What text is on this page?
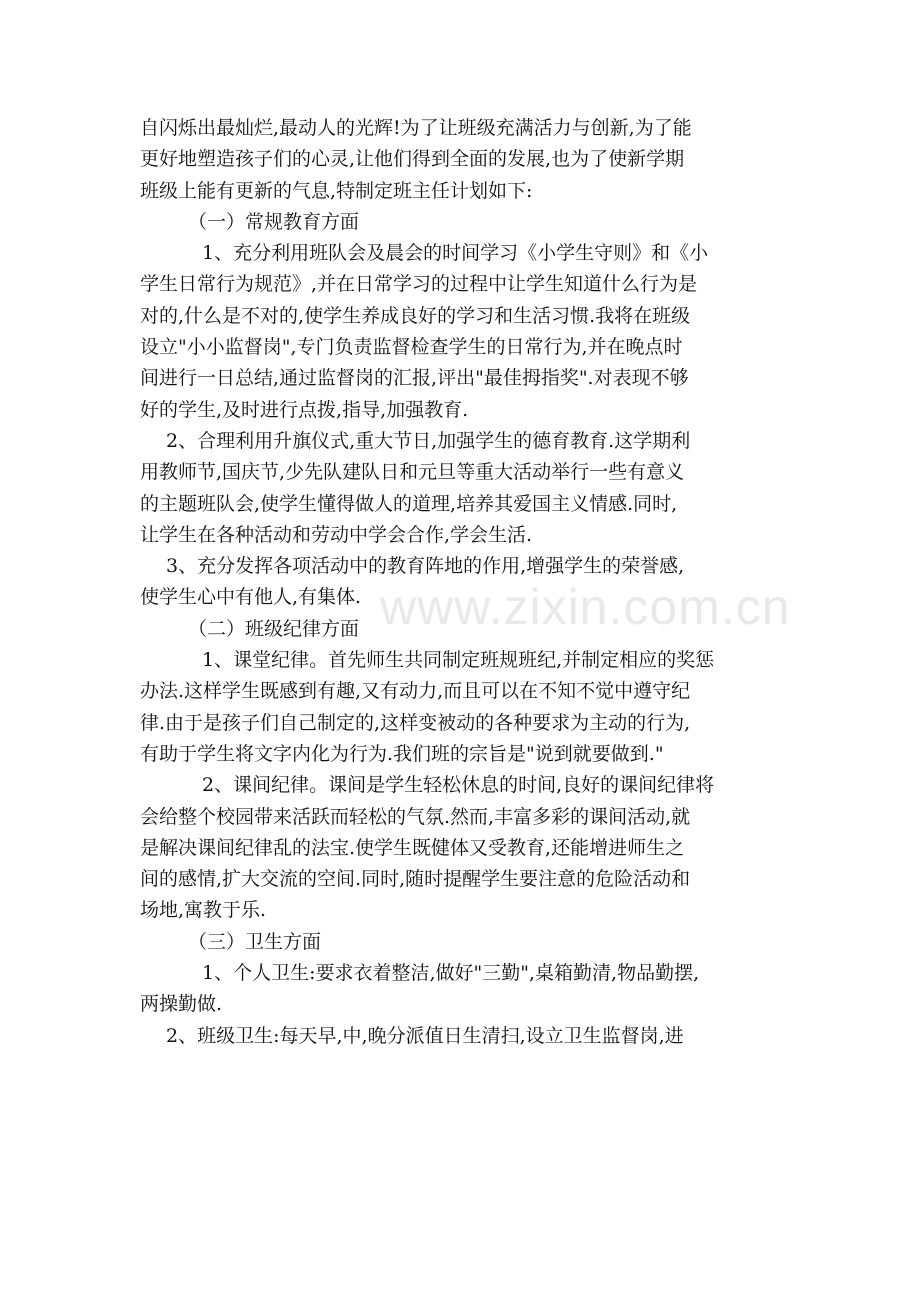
www.zixin.com.cn
自闪烁出最灿烂,最动人的光辉!为了让班级充满活力与创新,为了能
更好地塑造孩子们的心灵,让他们得到全面的发展,也为了使新学期
班级上能有更新的气息,特制定班主任计划如下:
（一）常规教育方面
1、充分利用班队会及晨会的时间学习《小学生守则》和《小
学生日常行为规范》,并在日常学习的过程中让学生知道什么行为是
对的,什么是不对的,使学生养成良好的学习和生活习惯.我将在班级
设立"小小监督岗",专门负责监督检查学生的日常行为,并在晚点时
间进行一日总结,通过监督岗的汇报,评出"最佳拇指奖".对表现不够
好的学生,及时进行点拨,指导,加强教育.
2、合理利用升旗仪式,重大节日,加强学生的德育教育.这学期利
用教师节,国庆节,少先队建队日和元旦等重大活动举行一些有意义
的主题班队会,使学生懂得做人的道理,培养其爱国主义情感.同时,
让学生在各种活动和劳动中学会合作,学会生活.
3、充分发挥各项活动中的教育阵地的作用,增强学生的荣誉感,
使学生心中有他人,有集体.
（二）班级纪律方面
1、课堂纪律。首先师生共同制定班规班纪,并制定相应的奖惩
办法.这样学生既感到有趣,又有动力,而且可以在不知不觉中遵守纪
律.由于是孩子们自己制定的,这样变被动的各种要求为主动的行为,
有助于学生将文字内化为行为.我们班的宗旨是"说到就要做到."
2、课间纪律。课间是学生轻松休息的时间,良好的课间纪律将
会给整个校园带来活跃而轻松的气氛.然而,丰富多彩的课间活动,就
是解决课间纪律乱的法宝.使学生既健体又受教育,还能增进师生之
间的感情,扩大交流的空间.同时,随时提醒学生要注意的危险活动和
场地,寓教于乐.
（三）卫生方面
1、个人卫生:要求衣着整洁,做好"三勤",桌箱勤清,物品勤摆,
两操勤做.
2、班级卫生:每天早,中,晚分派值日生清扫,设立卫生监督岗,进
